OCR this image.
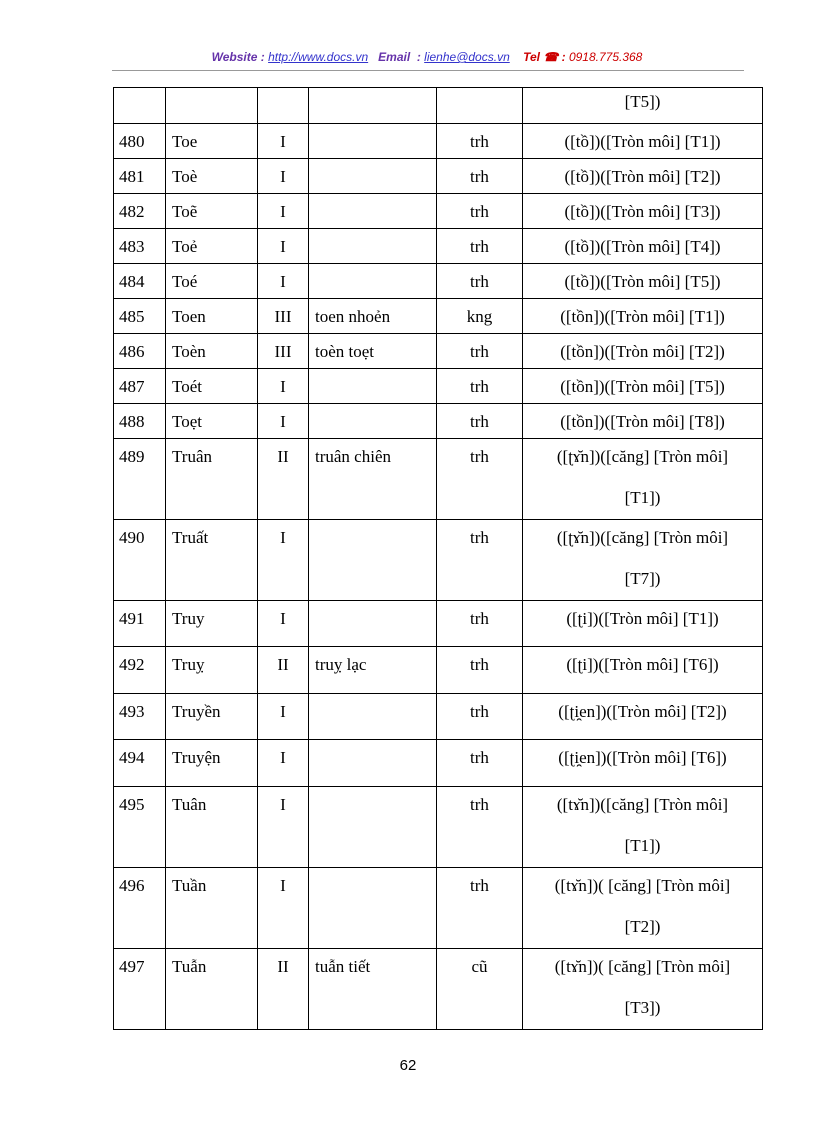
Website : http://www.docs.vn Email  : lienhe@docs.vn Tel ☎ : 0918.775.368

					[T5])

480	Toe	I		trh	([tồ])([Tròn môi] [T1])

481	Toè	I		trh	([tồ])([Tròn môi] [T2])

482	Toẽ	I		trh	([tồ])([Tròn môi] [T3])

483	Toẻ	I		trh	([tồ])([Tròn môi] [T4])

484	Toé	I		trh	([tồ])([Tròn môi] [T5])

485	Toen	III	toen nhoẻn	kng	([tồn])([Tròn môi] [T1])

486	Toèn	III	toèn toẹt	trh	([tồn])([Tròn môi] [T2])

487	Toét	I		trh	([tồn])([Tròn môi] [T5])

488	Toẹt	I		trh	([tồn])([Tròn môi] [T8])

489	Truân	II	truân chiên	trh	([ʈɤ̆n])([căng] [Tròn môi]
[T1])

490	Truất	I		trh	([ʈɤ̆n])([căng] [Tròn môi]
[T7])

491	Truy	I		trh	([ʈi])([Tròn môi] [T1])

492	Truỵ	II	truỵ lạc	trh	([ʈi])([Tròn môi] [T6])

493	Truyền	I		trh	([ʈi̯en])([Tròn môi] [T2])

494	Truyện	I		trh	([ʈi̯en])([Tròn môi] [T6])

495	Tuân	I		trh	([tɤ̆n])([căng] [Tròn môi]
[T1])

496	Tuần	I		trh	([tɤ̆n])( [căng] [Tròn môi]
[T2])

497	Tuẫn	II	tuẫn tiết	cũ	([tɤ̆n])( [căng] [Tròn môi]
[T3])
62
